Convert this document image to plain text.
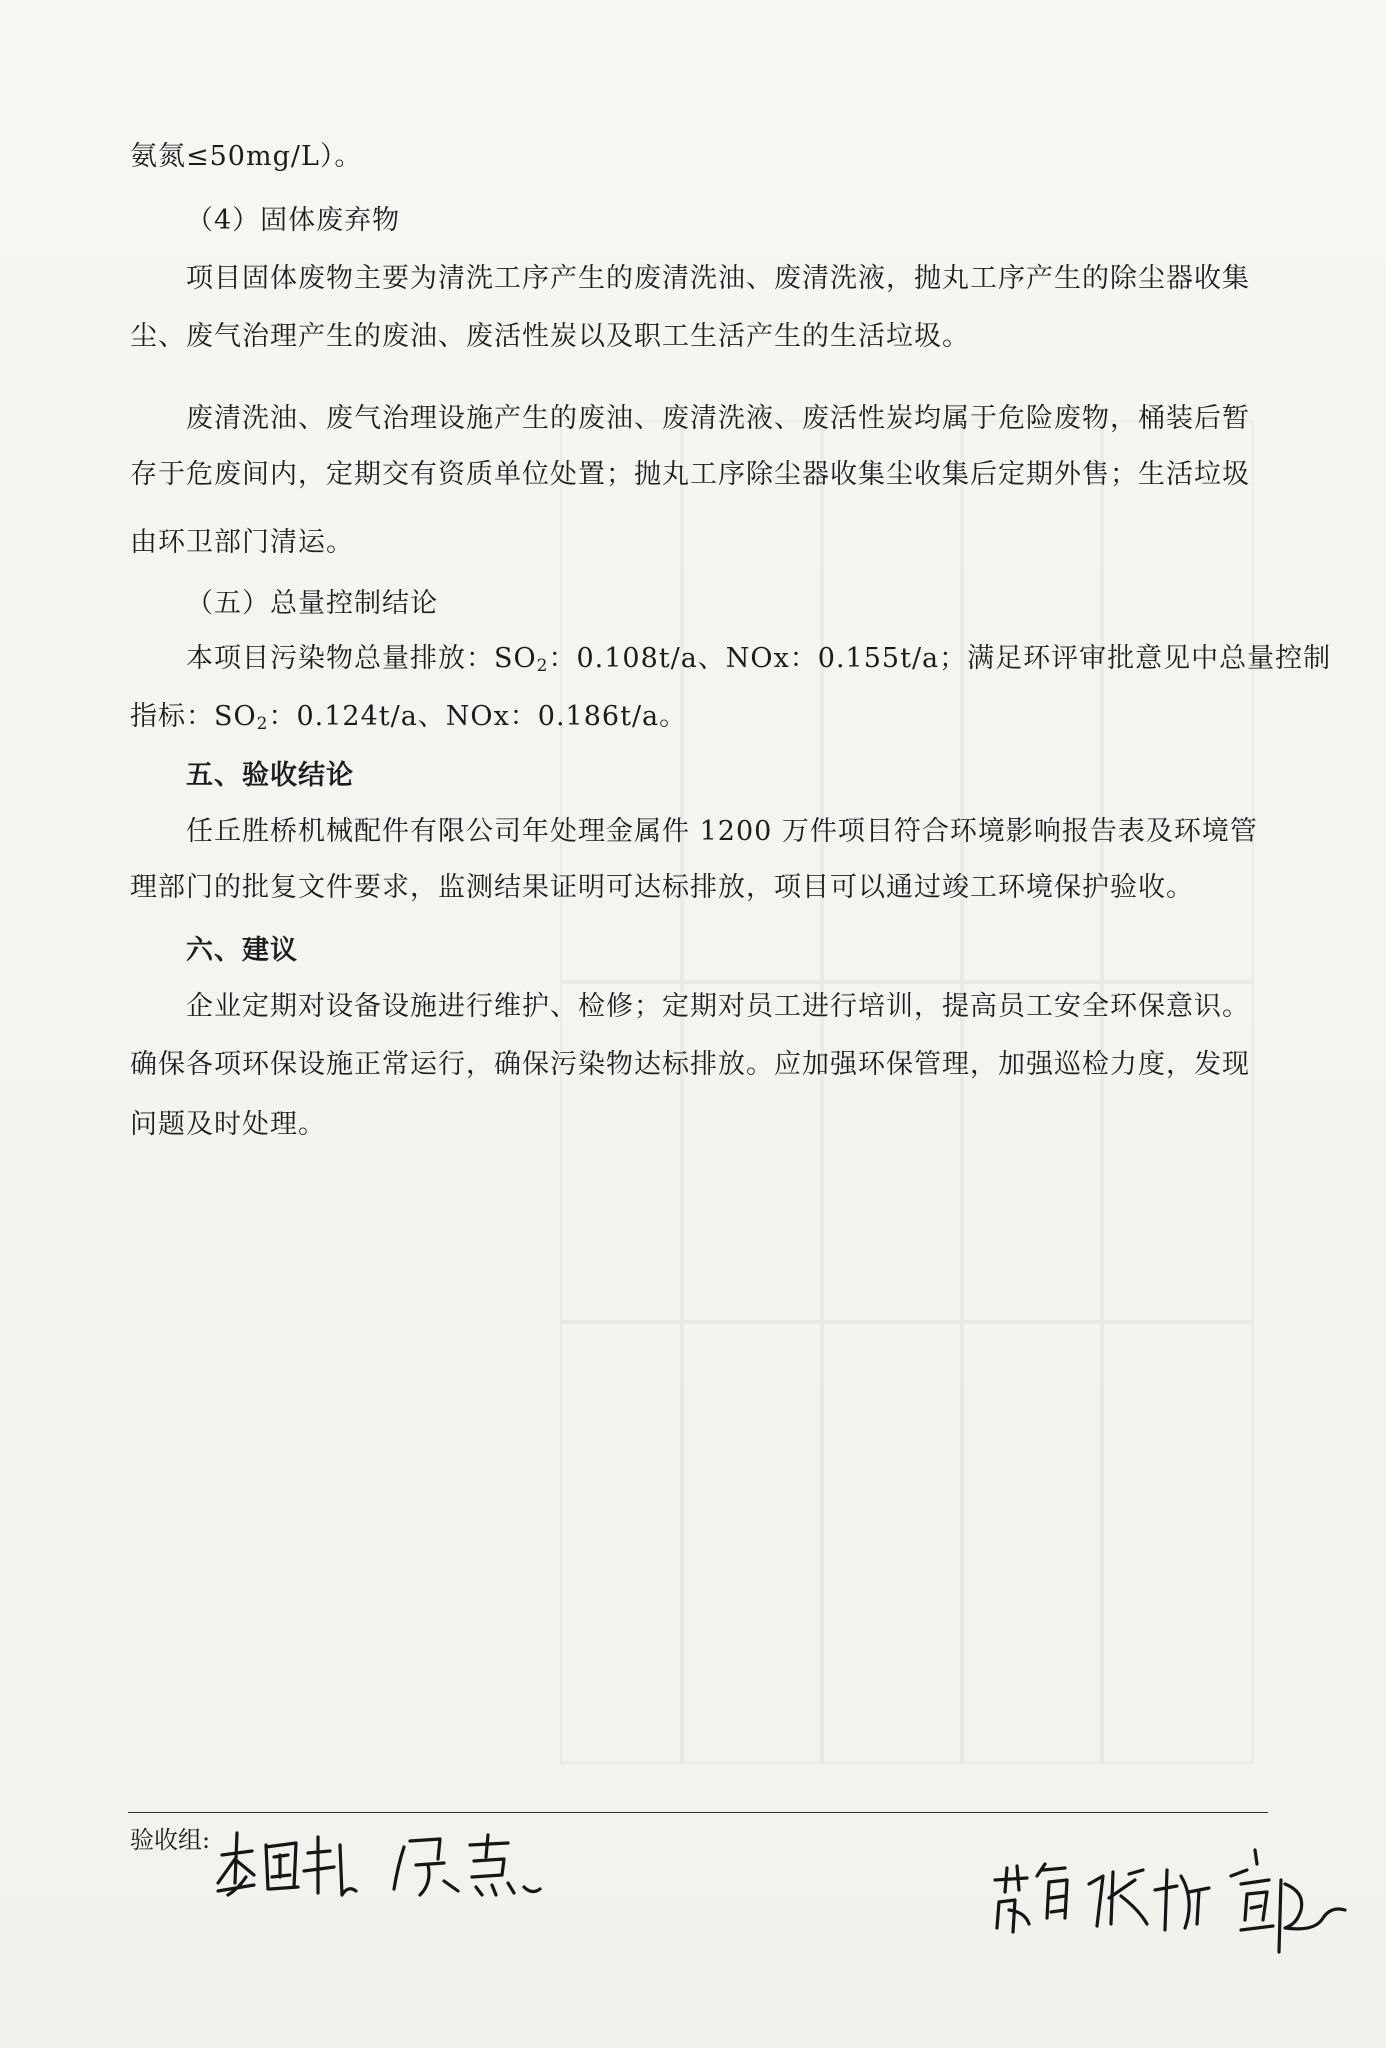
氨氮≤50mg/L）。
（4）固体废弃物
项目固体废物主要为清洗工序产生的废清洗油、废清洗液，抛丸工序产生的除尘器收集
尘、废气治理产生的废油、废活性炭以及职工生活产生的生活垃圾。
废清洗油、废气治理设施产生的废油、废清洗液、废活性炭均属于危险废物，桶装后暂
存于危废间内，定期交有资质单位处置；抛丸工序除尘器收集尘收集后定期外售；生活垃圾
由环卫部门清运。
（五）总量控制结论
本项目污染物总量排放：$SO_2$：0.108t/a、NOx：0.155t/a；满足环评审批意见中总量控制
指标：$SO_2$：0.124t/a、NOx：0.186t/a。
五、验收结论
任丘胜桥机械配件有限公司年处理金属件 1200 万件项目符合环境影响报告表及环境管
理部门的批复文件要求，监测结果证明可达标排放，项目可以通过竣工环境保护验收。
六、建议
企业定期对设备设施进行维护、检修；定期对员工进行培训，提高员工安全环保意识。
确保各项环保设施正常运行，确保污染物达标排放。应加强环保管理，加强巡检力度，发现
问题及时处理。
验收组:
